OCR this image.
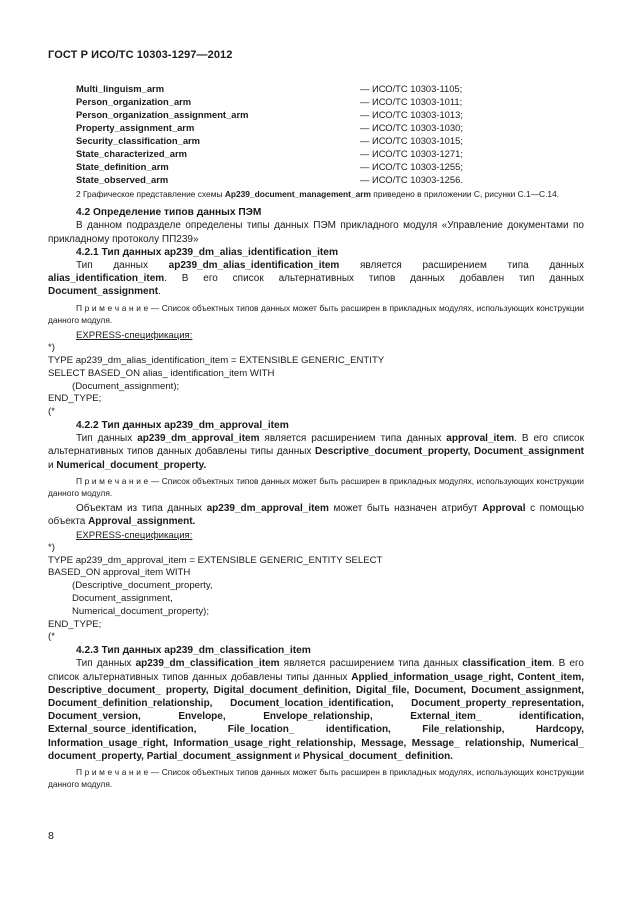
ГОСТ Р ИСО/ТС 10303-1297—2012
Multi_linguism_arm	— ИСО/ТС 10303-1105;
Person_organization_arm	— ИСО/ТС 10303-1011;
Person_organization_assignment_arm	— ИСО/ТС 10303-1013;
Property_assignment_arm	— ИСО/ТС 10303-1030;
Security_classification_arm	— ИСО/ТС 10303-1015;
State_characterized_arm	— ИСО/ТС 10303-1271;
State_definition_arm	— ИСО/ТС 10303-1255;
State_observed_arm	— ИСО/ТС 10303-1256.
2 Графическое представление схемы Ap239_document_management_arm приведено в приложении С, рисунки С.1—С.14.
4.2 Определение типов данных ПЭМ
В данном подразделе определены типы данных ПЭМ прикладного модуля «Управление документами по прикладному протоколу ПП239»
4.2.1 Тип данных ap239_dm_alias_identification_item
Тип данных ap239_dm_alias_identification_item является расширением типа данных alias_identification_item. В его список альтернативных типов данных добавлен тип данных Document_assignment.
П р и м е ч а н и е — Список объектных типов данных может быть расширен в прикладных модулях, использующих конструкции данного модуля.
EXPRESS-спецификация:
*)
TYPE ap239_dm_alias_identification_item = EXTENSIBLE GENERIC_ENTITY
SELECT BASED_ON alias_ identification_item WITH
(Document_assignment);
END_TYPE;
(*
4.2.2 Тип данных ap239_dm_approval_item
Тип данных ap239_dm_approval_item является расширением типа данных approval_item. В его список альтернативных типов данных добавлены типы данных Descriptive_document_property, Document_assignment и Numerical_document_property.
П р и м е ч а н и е — Список объектных типов данных может быть расширен в прикладных модулях, использующих конструкции данного модуля.
Объектам из типа данных ap239_dm_approval_item может быть назначен атрибут Approval с помощью объекта Approval_assignment.
EXPRESS-спецификация:
*)
TYPE ap239_dm_approval_item = EXTENSIBLE GENERIC_ENTITY SELECT
BASED_ON approval_item WITH
(Descriptive_document_property,
Document_assignment,
Numerical_document_property);
END_TYPE;
(*
4.2.3 Тип данных ap239_dm_classification_item
Тип данных ap239_dm_classification_item является расширением типа данных classification_item. В его список альтернативных типов данных добавлены типы данных Applied_information_usage_right, Content_item, Descriptive_document_ property, Digital_document_definition, Digital_file, Document, Document_assignment, Document_definition_relationship, Document_location_identification, Document_property_representation, Document_version, Envelope, Envelope_relationship, External_item_ identification, External_source_identification, File_location_ identification, File_relationship, Hardcopy, Information_usage_right, Information_usage_right_relationship, Message, Message_ relationship, Numerical_ document_property, Partial_document_assignment и Physical_document_ definition.
П р и м е ч а н и е — Список объектных типов данных может быть расширен в прикладных модулях, использующих конструкции данного модуля.
8
